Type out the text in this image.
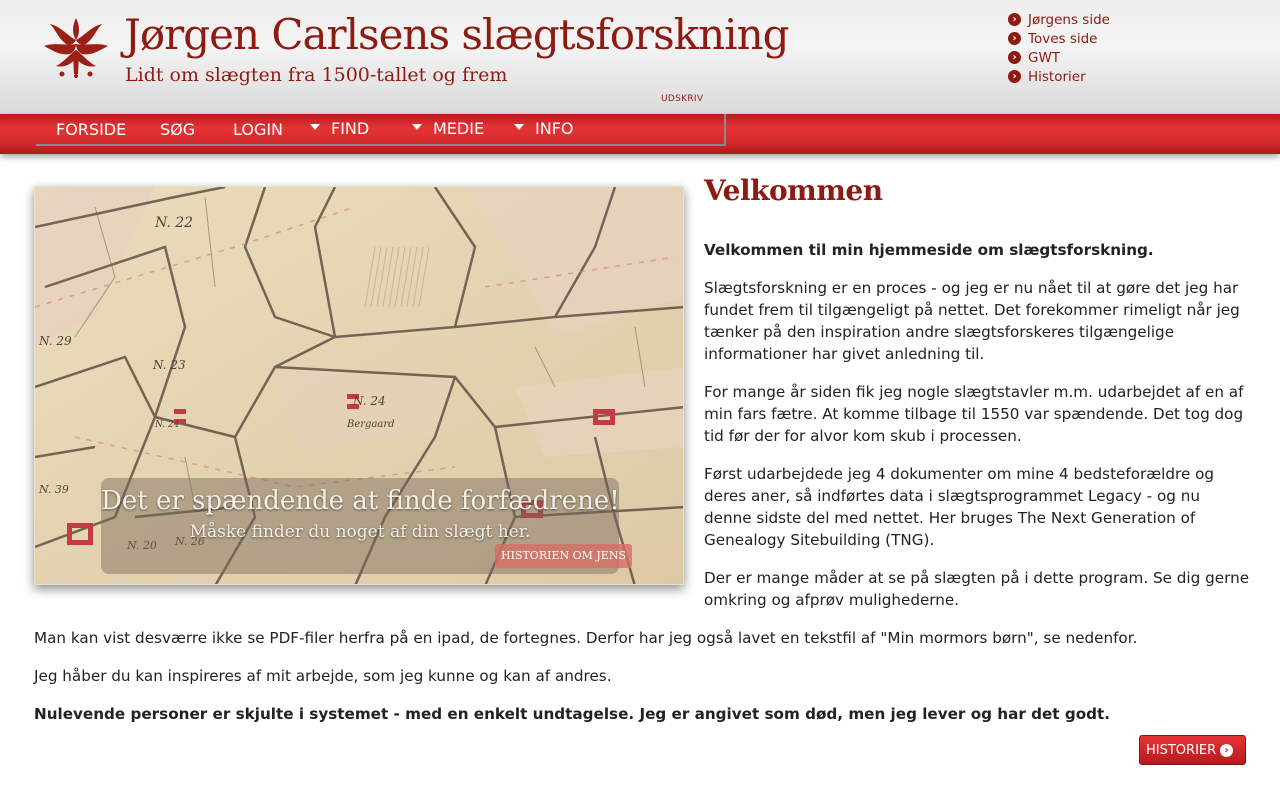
Jørgen Carlsens slægtsforskning
Lidt om slægten fra 1500-tallet og frem
UDSKRIV
› Jørgens side
› Toves side
› GWT
› Historier
FORSIDE SØG LOGIN	FIND	MEDIE	INFO
N. 22
N. 29
N. 23
N. 24
Bergaard
N. 39
N. 26
N. 20
N. 24
Det er spændende at finde forfædrene!
Måske finder du noget af din slægt her.
HISTORIEN OM JENS
Velkommen

Velkommen til min hjemmeside om slægtsforskning.

Slægtsforskning er en proces - og jeg er nu nået til at gøre det jeg har fundet frem til tilgængeligt på nettet. Det forekommer rimeligt når jeg tænker på den inspiration andre slægtsforskeres tilgængelige informationer har givet anledning til.

For mange år siden fik jeg nogle slægtstavler m.m. udarbejdet af en af min fars fætre. At komme tilbage til 1550 var spændende. Det tog dog tid før der for alvor kom skub i processen.

Først udarbejdede jeg 4 dokumenter om mine 4 bedsteforældre og deres aner, så indførtes data i slægtsprogrammet Legacy - og nu denne sidste del med nettet. Her bruges The Next Generation of Genealogy Sitebuilding (TNG).

Der er mange måder at se på slægten på i dette program. Se dig gerne omkring og afprøv mulighederne.

Man kan vist desværre ikke se PDF-filer herfra på en ipad, de fortegnes. Derfor har jeg også lavet en tekstfil af "Min mormors børn", se nedenfor.

Jeg håber du kan inspireres af mit arbejde, som jeg kunne og kan af andres.

Nulevende personer er skjulte i systemet - med en enkelt undtagelse. Jeg er angivet som død, men jeg lever og har det godt.

HISTORIER ›
